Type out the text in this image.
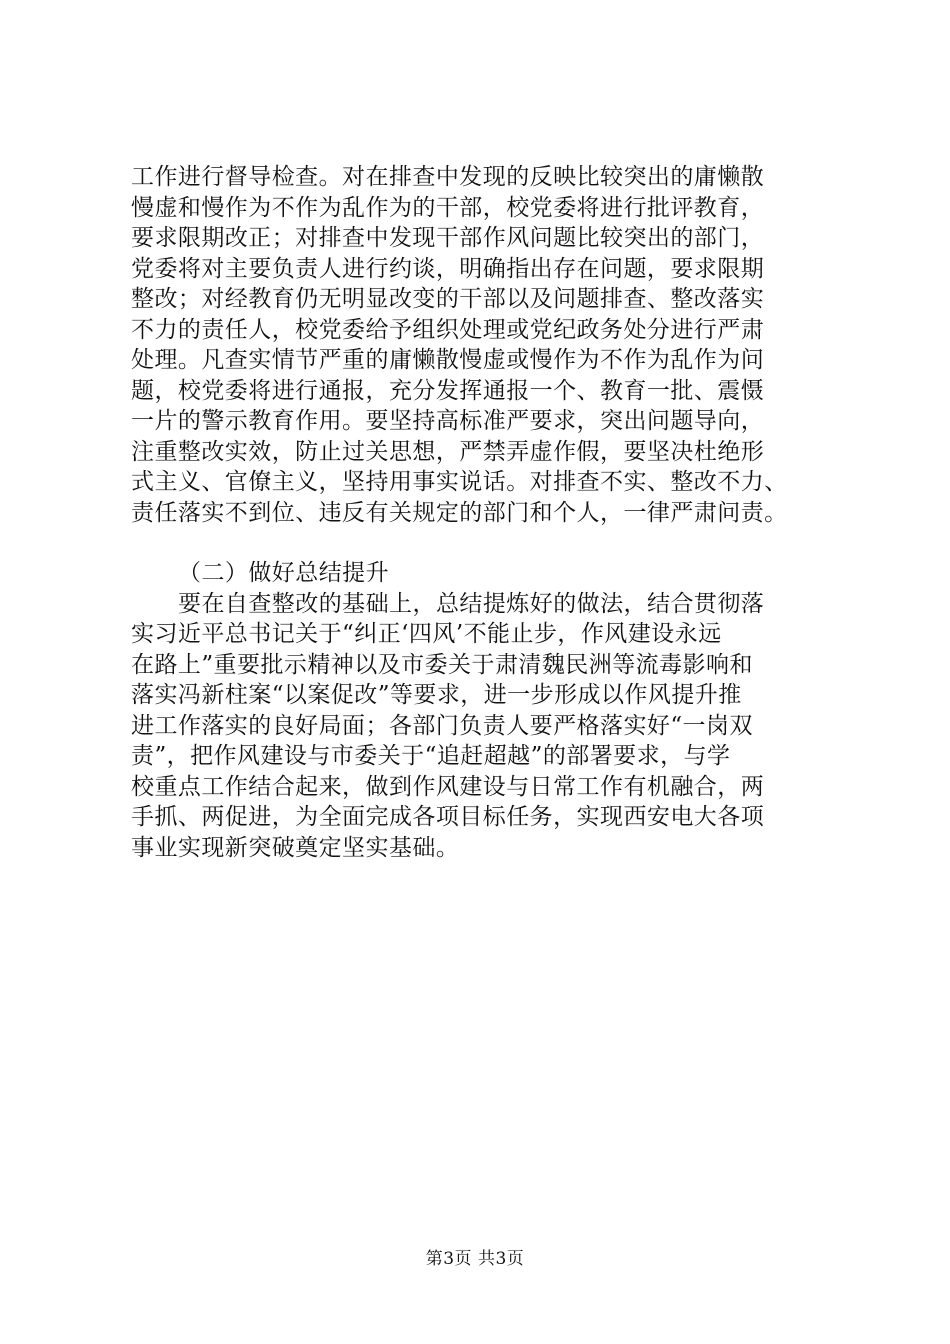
工作进行督导检查。对在排查中发现的反映比较突出的庸懒散
慢虚和慢作为不作为乱作为的干部，校党委将进行批评教育，
要求限期改正；对排查中发现干部作风问题比较突出的部门，
党委将对主要负责人进行约谈，明确指出存在问题，要求限期
整改；对经教育仍无明显改变的干部以及问题排查、整改落实
不力的责任人，校党委给予组织处理或党纪政务处分进行严肃
处理。凡查实情节严重的庸懒散慢虚或慢作为不作为乱作为问
题，校党委将进行通报，充分发挥通报一个、教育一批、震慑
一片的警示教育作用。要坚持高标准严要求，突出问题导向，
注重整改实效，防止过关思想，严禁弄虚作假，要坚决杜绝形
式主义、官僚主义，坚持用事实说话。对排查不实、整改不力、
责任落实不到位、违反有关规定的部门和个人，一律严肃问责。
（二）做好总结提升
要在自查整改的基础上，总结提炼好的做法，结合贯彻落
实习近平总书记关于“纠正‘四风’不能止步，作风建设永远
在路上”重要批示精神以及市委关于肃清魏民洲等流毒影响和
落实冯新柱案“以案促改”等要求，进一步形成以作风提升推
进工作落实的良好局面；各部门负责人要严格落实好“一岗双
责”，把作风建设与市委关于“追赶超越”的部署要求，与学
校重点工作结合起来，做到作风建设与日常工作有机融合，两
手抓、两促进，为全面完成各项目标任务，实现西安电大各项
事业实现新突破奠定坚实基础。
第3页 共3页
